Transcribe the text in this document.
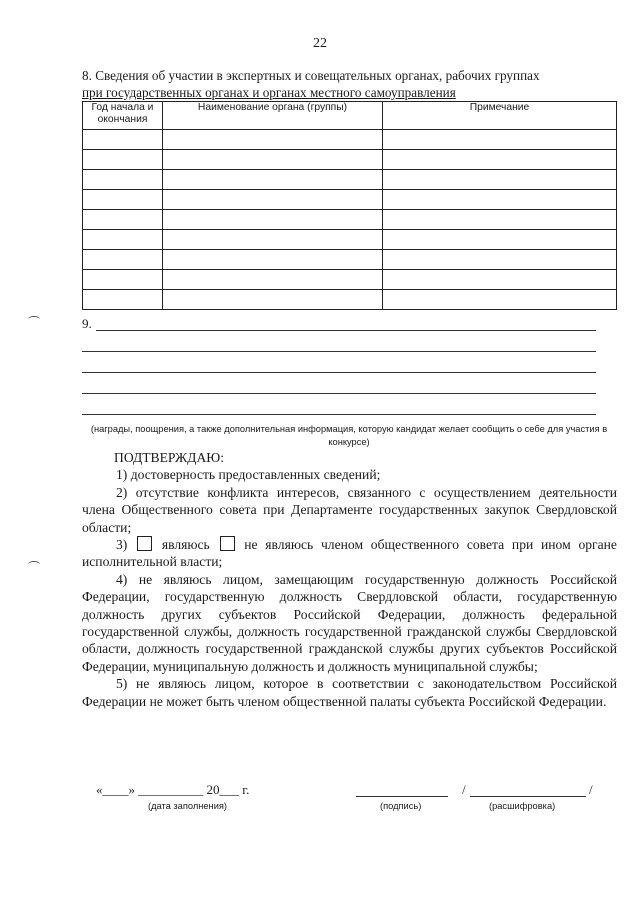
22
8. Сведения об участии в экспертных и совещательных органах, рабочих группах
при государственных органах и органах местного самоуправления
Год начала и окончания	Наименование органа (группы)	Примечание

9.
(награды, поощрения, а также дополнительная информация, которую кандидат желает сообщить о себе для участия в конкурсе)

ПОДТВЕРЖДАЮ:

1) достоверность предоставленных сведений;

2) отсутствие конфликта интересов, связанного с осуществлением деятельности члена Общественного совета при Департаменте государственных закупок Свердловской области;

3)	являюсь	не являюсь членом общественного совета при ином органе исполнительной власти;

4) не являюсь лицом, замещающим государственную должность Российской Федерации, государственную должность Свердловской области, государственную должность других субъектов Российской Федерации, должность федеральной государственной службы, должность государственной гражданской службы Свердловской области, должность государственной гражданской службы других субъектов Российской Федерации, муниципальную должность и должность муниципальной службы;

5) не являюсь лицом, которое в соответствии с законодательством Российской Федерации не может быть членом общественной палаты субъекта Российской Федерации.

«____» __________ 20___ г.
(дата заполнения)	(подпись)
/	/
(расшифровка)
